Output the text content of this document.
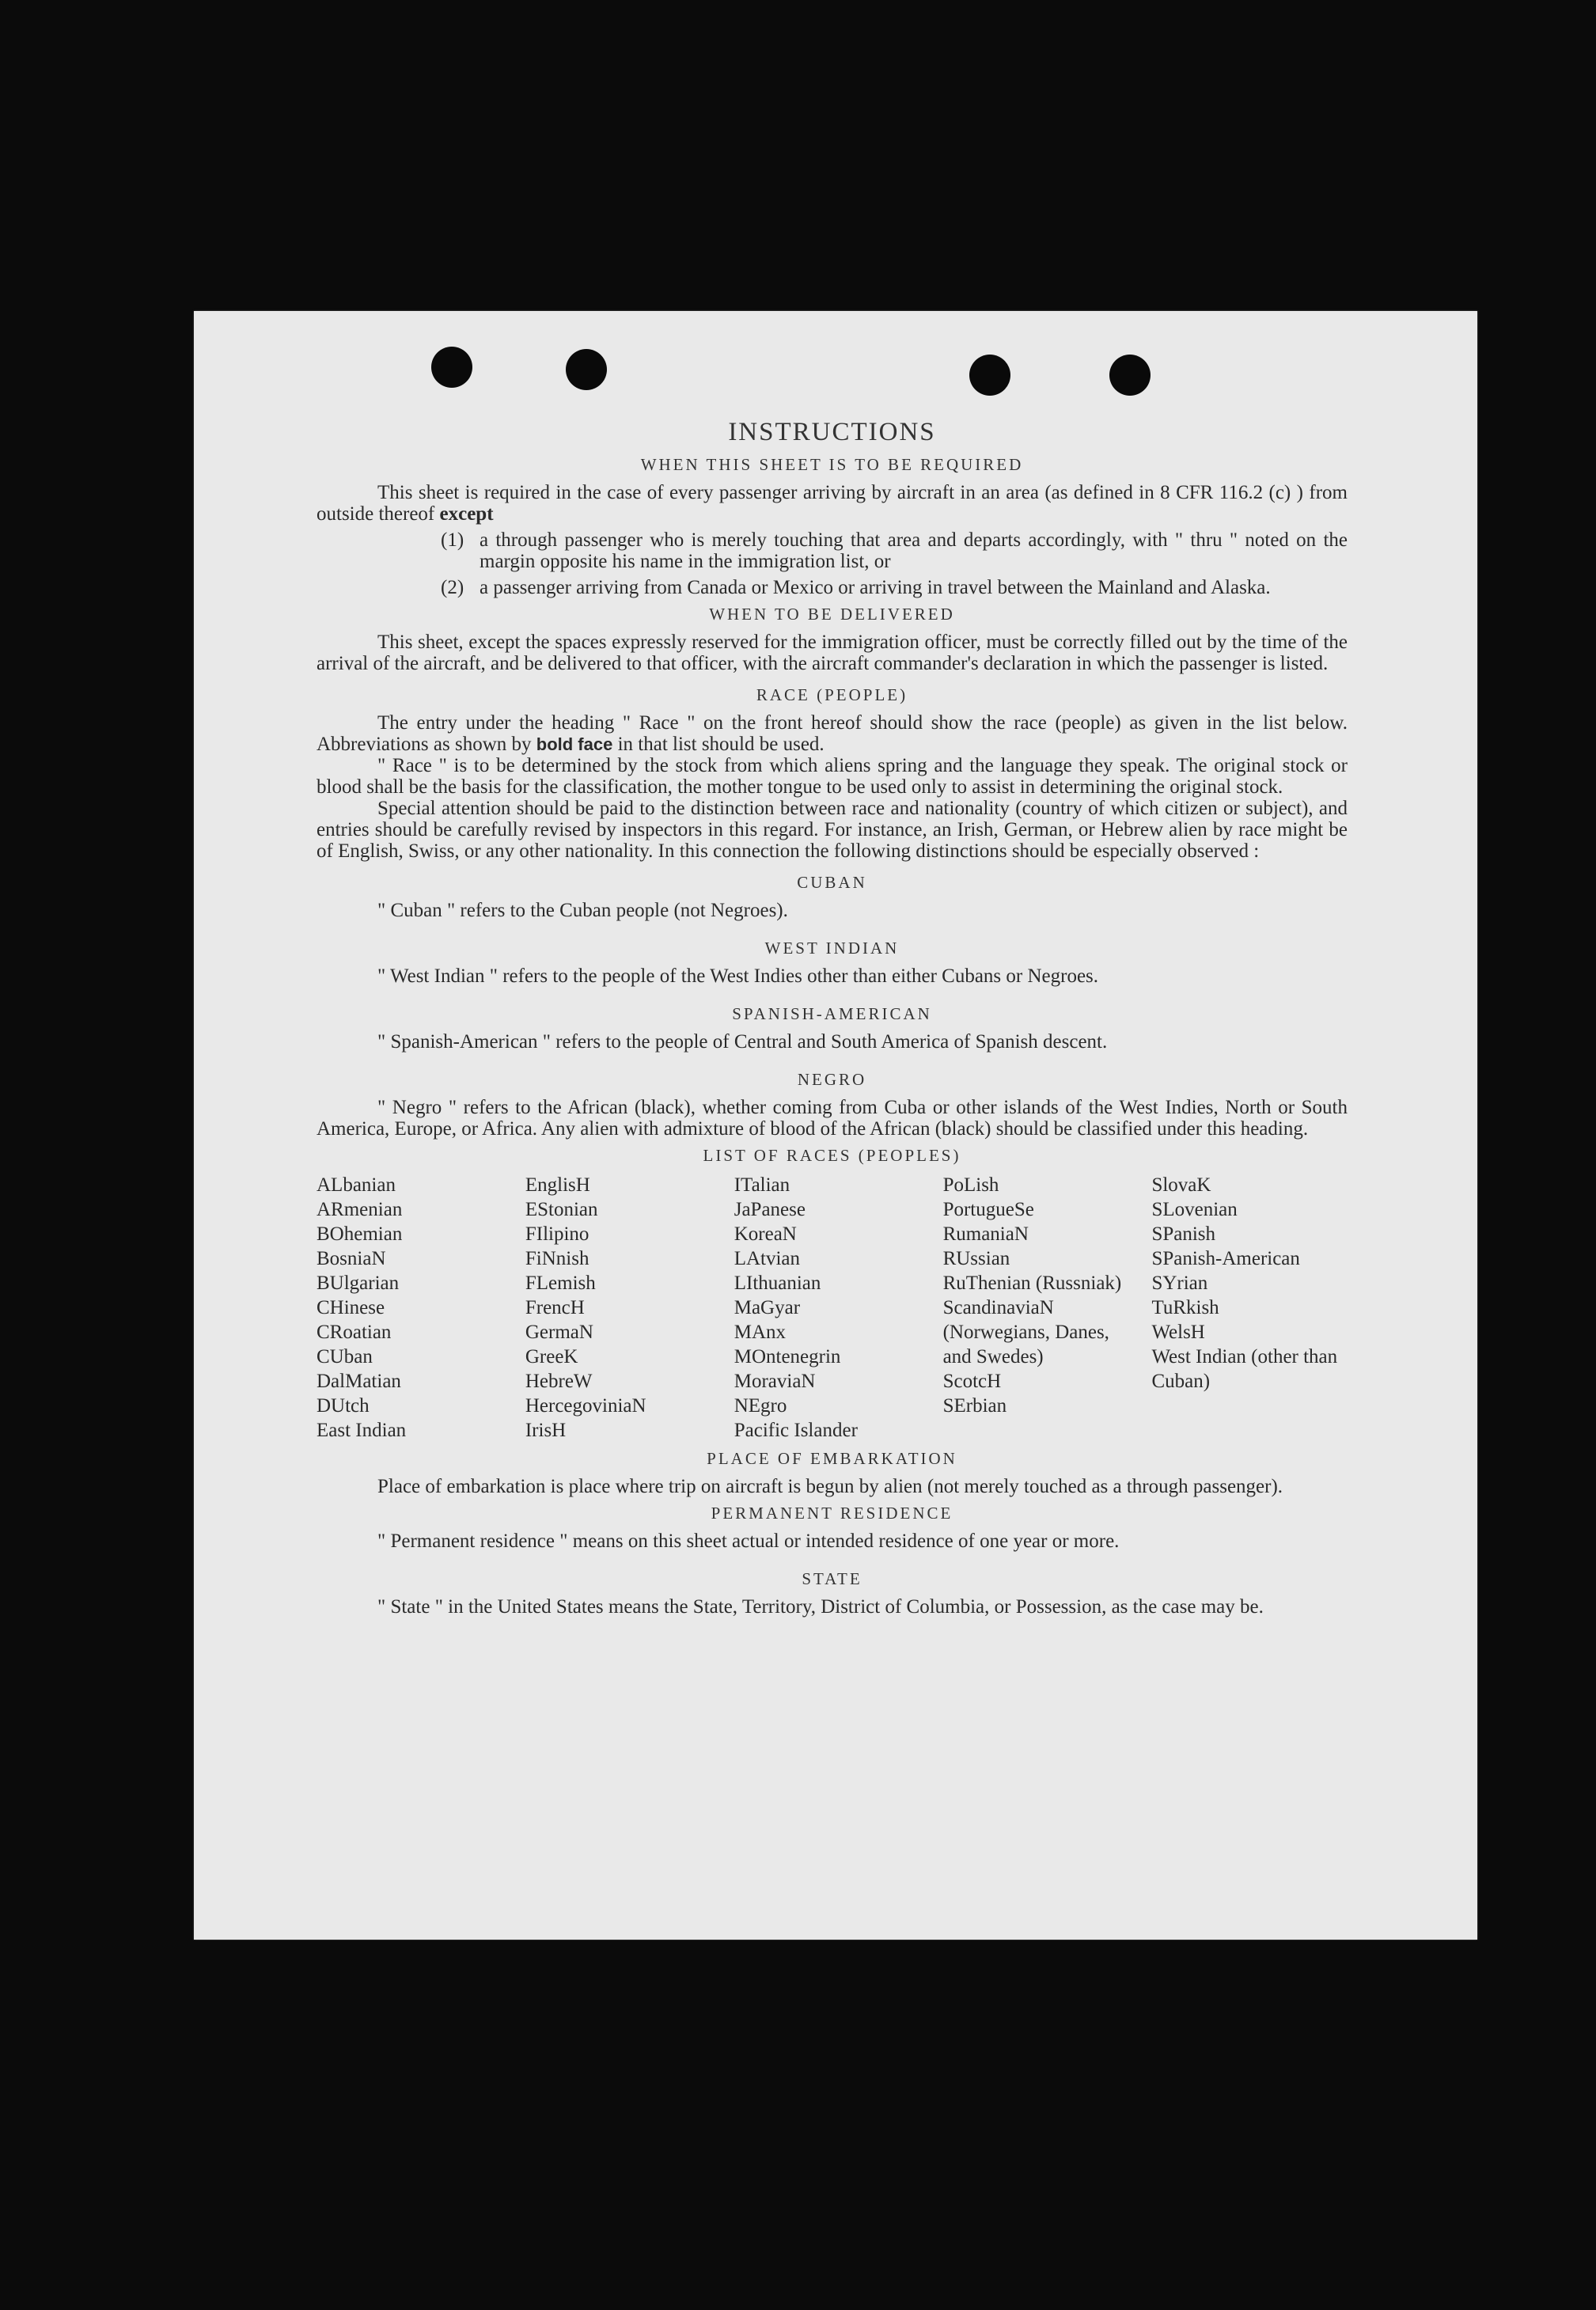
INSTRUCTIONS
WHEN THIS SHEET IS TO BE REQUIRED

This sheet is required in the case of every passenger arriving by aircraft in an area (as defined in 8 CFR 116.2 (c) ) from outside thereof except

(1) a through passenger who is merely touching that area and departs accordingly, with " thru " noted on the margin opposite his name in the immigration list, or

(2) a passenger arriving from Canada or Mexico or arriving in travel between the Mainland and Alaska.

WHEN TO BE DELIVERED

This sheet, except the spaces expressly reserved for the immigration officer, must be correctly filled out by the time of the arrival of the aircraft, and be delivered to that officer, with the aircraft commander's declaration in which the passenger is listed.

RACE (PEOPLE)

The entry under the heading " Race " on the front hereof should show the race (people) as given in the list below. Abbreviations as shown by bold face in that list should be used.

" Race " is to be determined by the stock from which aliens spring and the language they speak. The original stock or blood shall be the basis for the classification, the mother tongue to be used only to assist in determining the original stock.

Special attention should be paid to the distinction between race and nationality (country of which citizen or subject), and entries should be carefully revised by inspectors in this regard. For instance, an Irish, German, or Hebrew alien by race might be of English, Swiss, or any other nationality. In this connection the following distinctions should be especially observed :

CUBAN

" Cuban " refers to the Cuban people (not Negroes).

WEST INDIAN

" West Indian " refers to the people of the West Indies other than either Cubans or Negroes.

SPANISH-AMERICAN

" Spanish-American " refers to the people of Central and South America of Spanish descent.

NEGRO

" Negro " refers to the African (black), whether coming from Cuba or other islands of the West Indies, North or South America, Europe, or Africa. Any alien with admixture of blood of the African (black) should be classified under this heading.

LIST OF RACES (PEOPLES)
ALbanian
ARmenian
BOhemian
BosniaN
BUlgarian
CHinese
CRoatian
CUban
DalMatian
DUtch
East Indian
EnglisH
EStonian
FIlipino
FiNnish
FLemish
FrencH
GermaN
GreeK
HebreW
HercegoviniaN
IrisH
ITalian
JaPanese
KoreaN
LAtvian
LIthuanian
MaGyar
MAnx
MOntenegrin
MoraviaN
NEgro
Pacific Islander
PoLish
PortugueSe
RumaniaN
RUssian
RuThenian (Russniak)
ScandinaviaN (Norwegians, Danes, and Swedes)
ScotcH
SErbian
SlovaK
SLovenian
SPanish
SPanish-American
SYrian
TuRkish
WelsH
West Indian (other than Cuban)
PLACE OF EMBARKATION

Place of embarkation is place where trip on aircraft is begun by alien (not merely touched as a through passenger).

PERMANENT RESIDENCE

" Permanent residence " means on this sheet actual or intended residence of one year or more.

STATE

" State " in the United States means the State, Territory, District of Columbia, or Possession, as the case may be.
